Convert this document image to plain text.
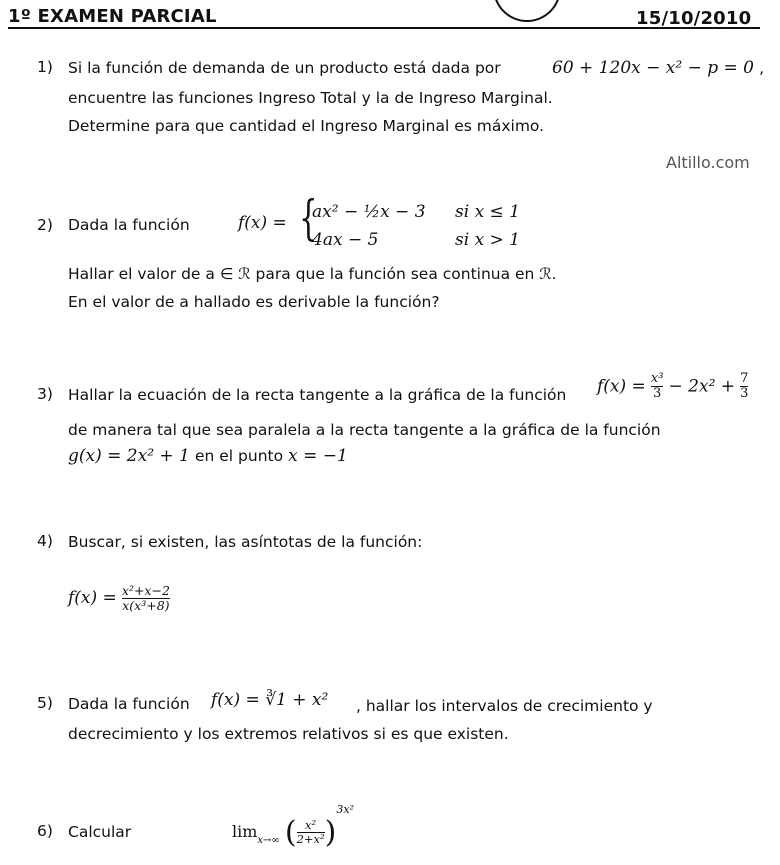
1º EXAMEN PARCIAL	15/10/2010
1) Si la función de demanda de un producto está dada por	60 + 120x − x² − p = 0 ,
encuentre las funciones Ingreso Total y la de Ingreso Marginal.
Determine para que cantidad el Ingreso Marginal es máximo.
Altillo.com
2) Dada la función	f(x) = {
ax² − ½x − 3 si x ≤ 1
4ax − 5	si x > 1
Hallar el valor de a ∈ ℛ para que la función sea continua en ℛ.
En el valor de a hallado es derivable la función?
3) Hallar la ecuación de la recta tangente a la gráfica de la función $f(x) = \frac{\text{x³}}{3} - 2x^2 + \frac{7}{3}$
de manera tal que sea paralela a la recta tangente a la gráfica de la función
g(x) = 2x² + 1 en el punto x = −1
4) Buscar, si existen, las asíntotas de la función:
$f(x) = \frac{\text{x²+x−2}}{\text{x(x³+8)}}$
5) Dada la función f(x) = ∛1 + x² , hallar los intervalos de crecimiento y
decrecimiento y los extremos relativos si es que existen.
6) Calcular	$\lim_{x\to\infty}$ ( $\frac{\text{x²}}{\text{2+x²}} )^{3x^2}$
